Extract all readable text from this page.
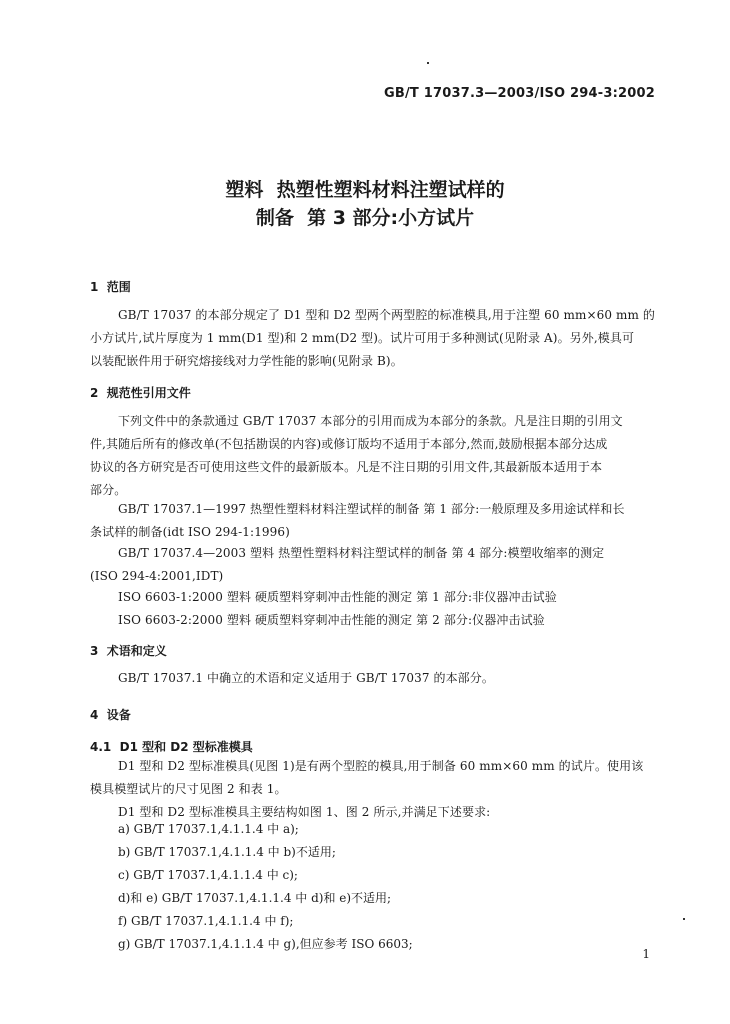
GB/T 17037.3—2003/ISO 294-3:2002
塑料  热塑性塑料材料注塑试样的
制备  第 3 部分:小方试片
1  范围
GB/T 17037 的本部分规定了 D1 型和 D2 型两个两型腔的标准模具,用于注塑 60 mm×60 mm 的
小方试片,试片厚度为 1 mm(D1 型)和 2 mm(D2 型)。试片可用于多种测试(见附录 A)。另外,模具可
以装配嵌件用于研究熔接线对力学性能的影响(见附录 B)。
2  规范性引用文件
下列文件中的条款通过 GB/T 17037 本部分的引用而成为本部分的条款。凡是注日期的引用文
件,其随后所有的修改单(不包括勘误的内容)或修订版均不适用于本部分,然而,鼓励根据本部分达成
协议的各方研究是否可使用这些文件的最新版本。凡是不注日期的引用文件,其最新版本适用于本
部分。
GB/T 17037.1—1997 热塑性塑料材料注塑试样的制备 第 1 部分:一般原理及多用途试样和长
条试样的制备(idt ISO 294-1:1996)
GB/T 17037.4—2003 塑料 热塑性塑料材料注塑试样的制备 第 4 部分:模塑收缩率的测定
(ISO 294-4:2001,IDT)
ISO 6603-1:2000 塑料 硬质塑料穿刺冲击性能的测定 第 1 部分:非仪器冲击试验
ISO 6603-2:2000 塑料 硬质塑料穿刺冲击性能的测定 第 2 部分:仪器冲击试验
3  术语和定义
GB/T 17037.1 中确立的术语和定义适用于 GB/T 17037 的本部分。
4  设备
4.1  D1 型和 D2 型标准模具
D1 型和 D2 型标准模具(见图 1)是有两个型腔的模具,用于制备 60 mm×60 mm 的试片。使用该
模具模塑试片的尺寸见图 2 和表 1。
D1 型和 D2 型标准模具主要结构如图 1、图 2 所示,并满足下述要求:
a) GB/T 17037.1,4.1.1.4 中 a);
b) GB/T 17037.1,4.1.1.4 中 b)不适用;
c) GB/T 17037.1,4.1.1.4 中 c);
d)和 e) GB/T 17037.1,4.1.1.4 中 d)和 e)不适用;
f) GB/T 17037.1,4.1.1.4 中 f);
g) GB/T 17037.1,4.1.1.4 中 g),但应参考 ISO 6603;
1
